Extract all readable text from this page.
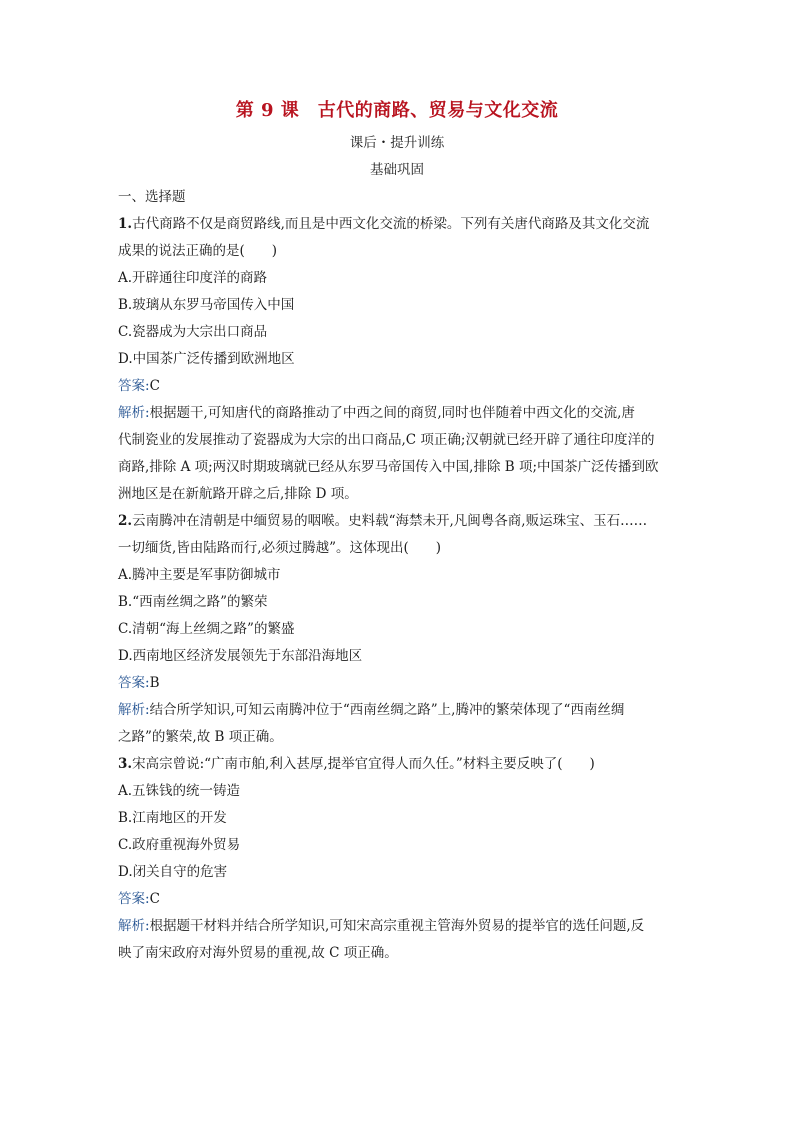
第 9 课　古代的商路、贸易与文化交流
课后・提升训练
基础巩固
一、选择题
1.古代商路不仅是商贸路线,而且是中西文化交流的桥梁。下列有关唐代商路及其文化交流
成果的说法正确的是(　　)
A.开辟通往印度洋的商路
B.玻璃从东罗马帝国传入中国
C.瓷器成为大宗出口商品
D.中国茶广泛传播到欧洲地区
答案:C
解析:根据题干,可知唐代的商路推动了中西之间的商贸,同时也伴随着中西文化的交流,唐
代制瓷业的发展推动了瓷器成为大宗的出口商品,C 项正确;汉朝就已经开辟了通往印度洋的
商路,排除 A 项;两汉时期玻璃就已经从东罗马帝国传入中国,排除 B 项;中国茶广泛传播到欧
洲地区是在新航路开辟之后,排除 D 项。
2.云南腾冲在清朝是中缅贸易的咽喉。史料载“海禁未开,凡闽粤各商,贩运珠宝、玉石……
一切缅货,皆由陆路而行,必须过腾越”。这体现出(　　)
A.腾冲主要是军事防御城市
B.“西南丝绸之路”的繁荣
C.清朝“海上丝绸之路”的繁盛
D.西南地区经济发展领先于东部沿海地区
答案:B
解析:结合所学知识,可知云南腾冲位于“西南丝绸之路”上,腾冲的繁荣体现了“西南丝绸
之路”的繁荣,故 B 项正确。
3.宋高宗曾说:“广南市舶,利入甚厚,提举官宜得人而久任。”材料主要反映了(　　)
A.五铢钱的统一铸造
B.江南地区的开发
C.政府重视海外贸易
D.闭关自守的危害
答案:C
解析:根据题干材料并结合所学知识,可知宋高宗重视主管海外贸易的提举官的选任问题,反
映了南宋政府对海外贸易的重视,故 C 项正确。
